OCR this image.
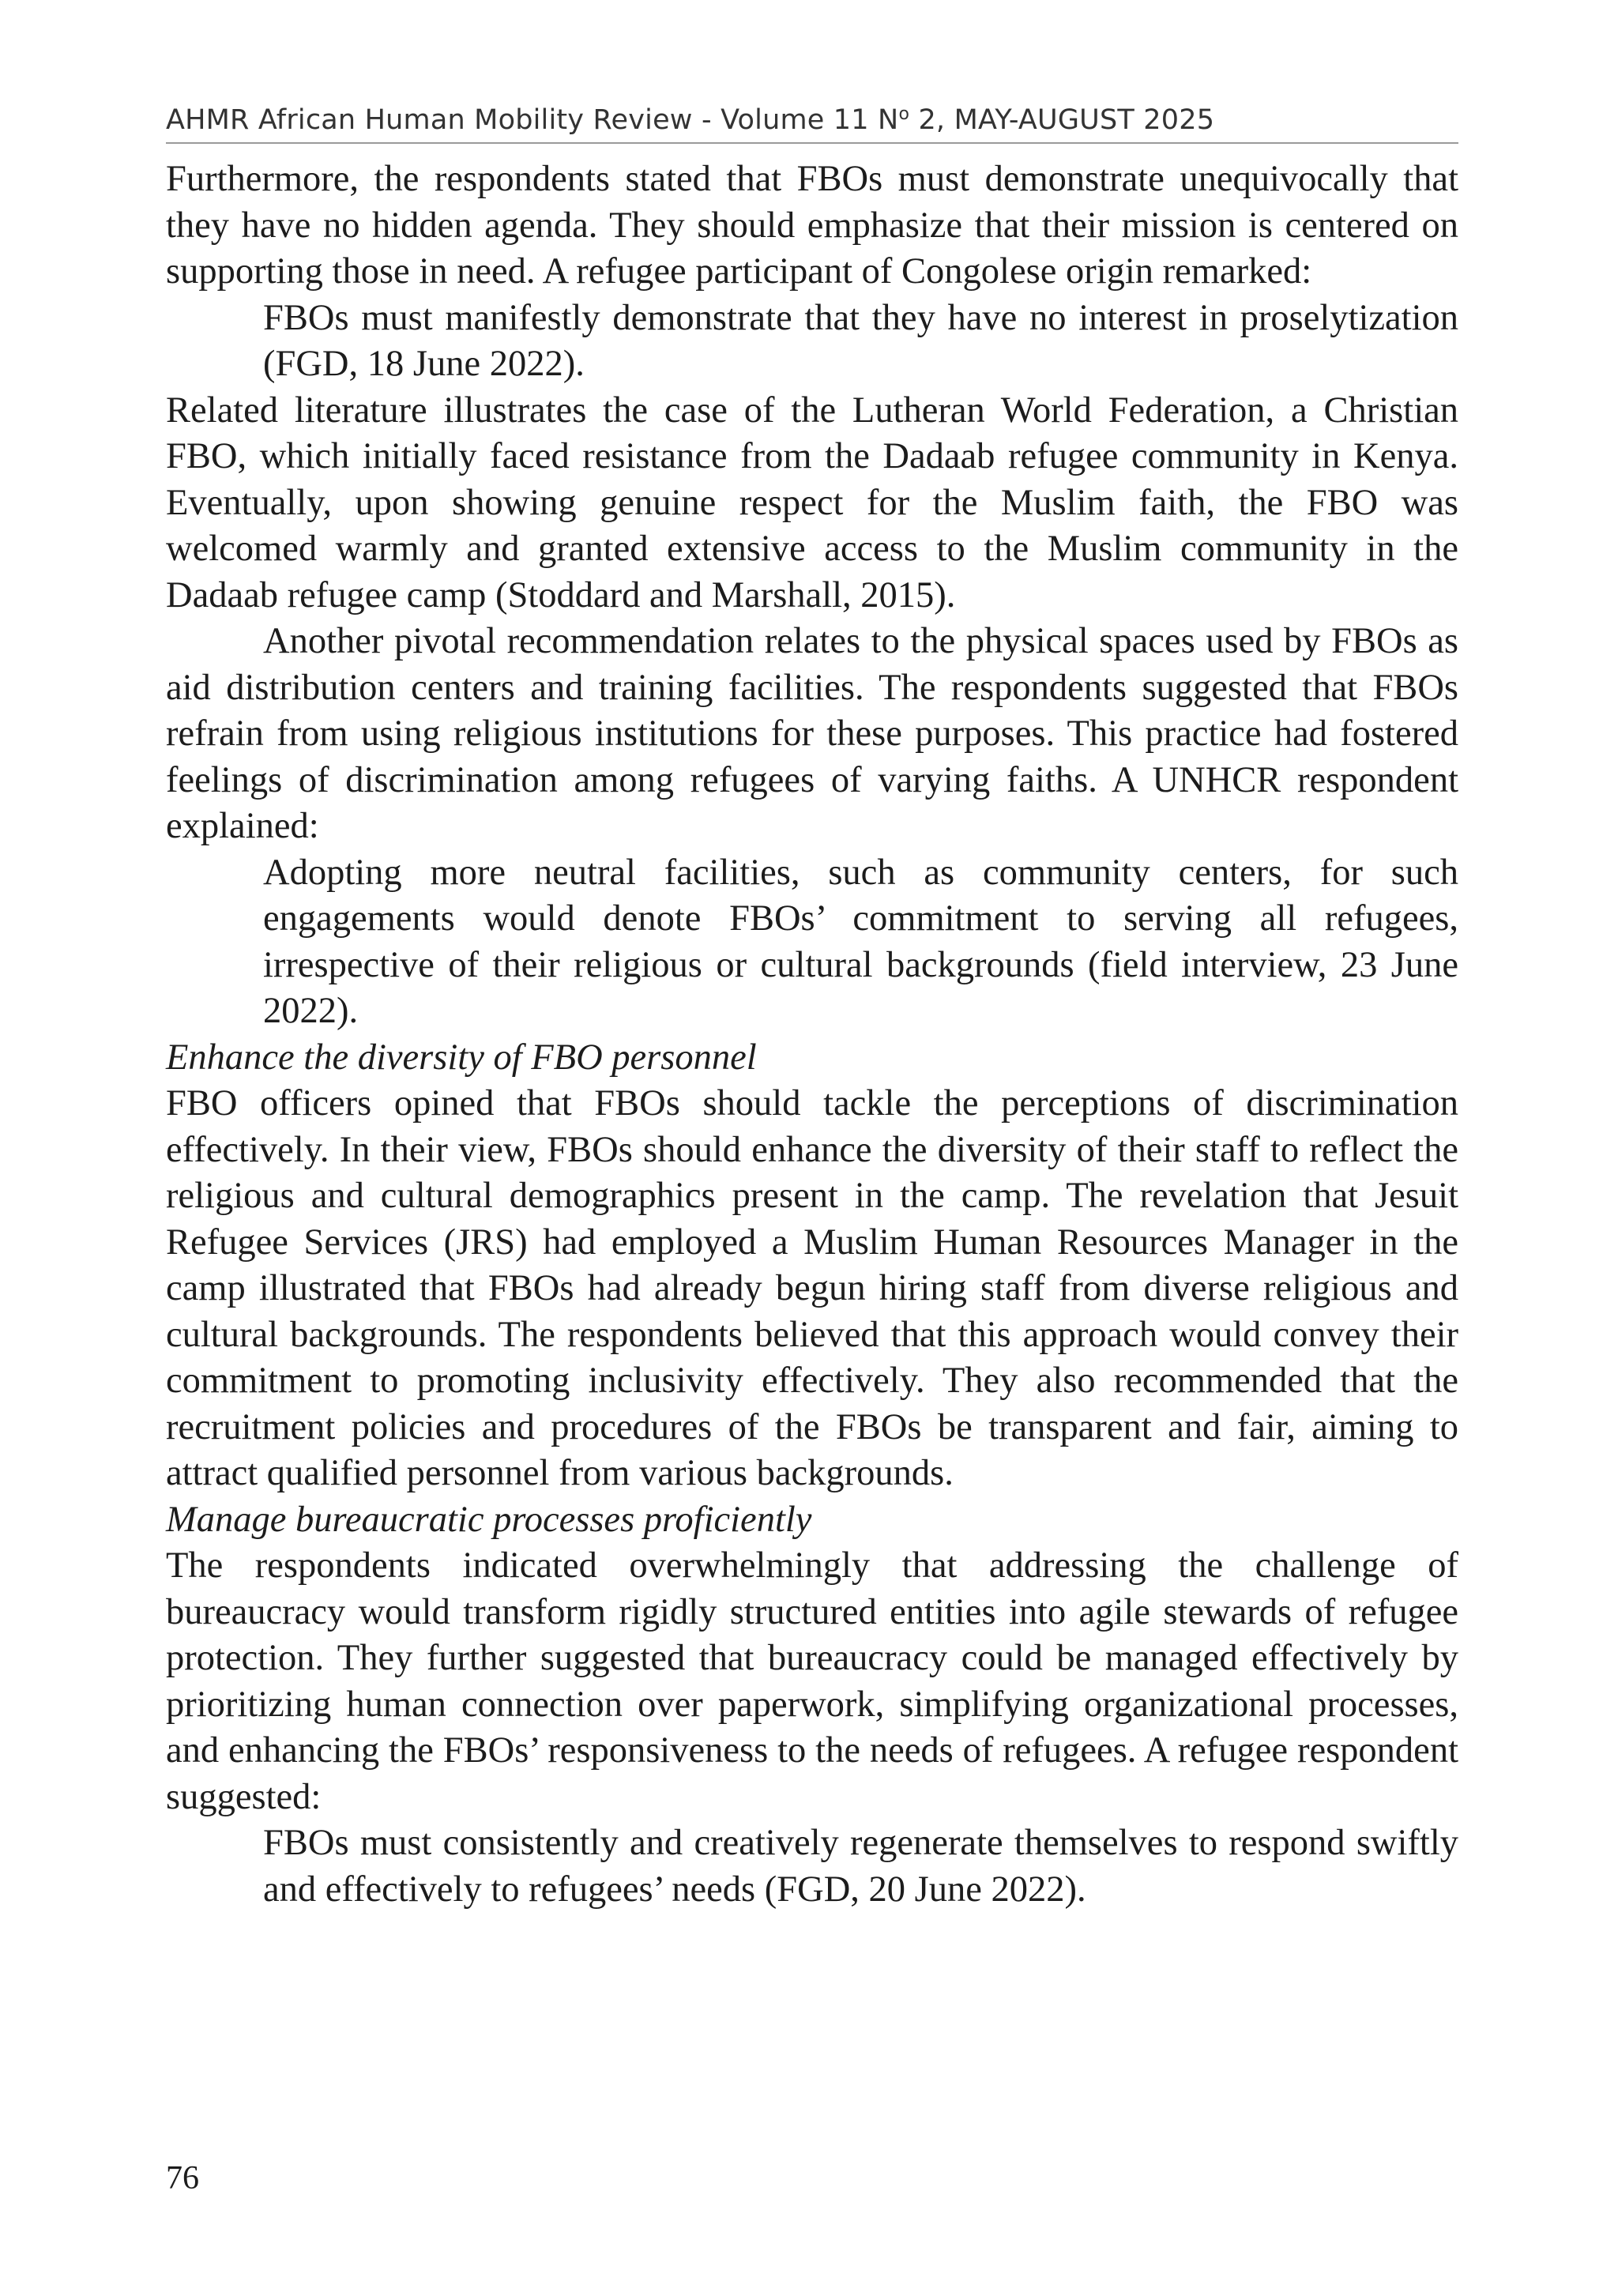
AHMR African Human Mobility Review - Volume 11 $N^o$ 2, MAY-AUGUST 2025

Furthermore, the respondents stated that FBOs must demonstrate unequivocally that they have no hidden agenda. They should emphasize that their mission is centered on supporting those in need. A refugee participant of Congolese origin remarked:

FBOs must manifestly demonstrate that they have no interest in proselytization (FGD, 18 June 2022).

Related literature illustrates the case of the Lutheran World Federation, a Christian FBO, which initially faced resistance from the Dadaab refugee community in Kenya. Eventually, upon showing genuine respect for the Muslim faith, the FBO was welcomed warmly and granted extensive access to the Muslim community in the Dadaab refugee camp (Stoddard and Marshall, 2015).

Another pivotal recommendation relates to the physical spaces used by FBOs as aid distribution centers and training facilities. The respondents suggested that FBOs refrain from using religious institutions for these purposes. This practice had fostered feelings of discrimination among refugees of varying faiths. A UNHCR respondent explained:

Adopting more neutral facilities, such as community centers, for such engagements would denote FBOs’ commitment to serving all refugees, irrespective of their religious or cultural backgrounds (field interview, 23 June 2022).

Enhance the diversity of FBO personnel

FBO officers opined that FBOs should tackle the perceptions of discrimination effectively. In their view, FBOs should enhance the diversity of their staff to reflect the religious and cultural demographics present in the camp. The revelation that Jesuit Refugee Services (JRS) had employed a Muslim Human Resources Manager in the camp illustrated that FBOs had already begun hiring staff from diverse religious and cultural backgrounds. The respondents believed that this approach would convey their commitment to promoting inclusivity effectively. They also recommended that the recruitment policies and procedures of the FBOs be transparent and fair, aiming to attract qualified personnel from various backgrounds.

Manage bureaucratic processes proficiently

The respondents indicated overwhelmingly that addressing the challenge of bureaucracy would transform rigidly structured entities into agile stewards of refugee protection. They further suggested that bureaucracy could be managed effectively by prioritizing human connection over paperwork, simplifying organizational processes, and enhancing the FBOs’ responsiveness to the needs of refugees. A refugee respondent suggested:

FBOs must consistently and creatively regenerate themselves to respond swiftly and effectively to refugees’ needs (FGD, 20 June 2022).

76
